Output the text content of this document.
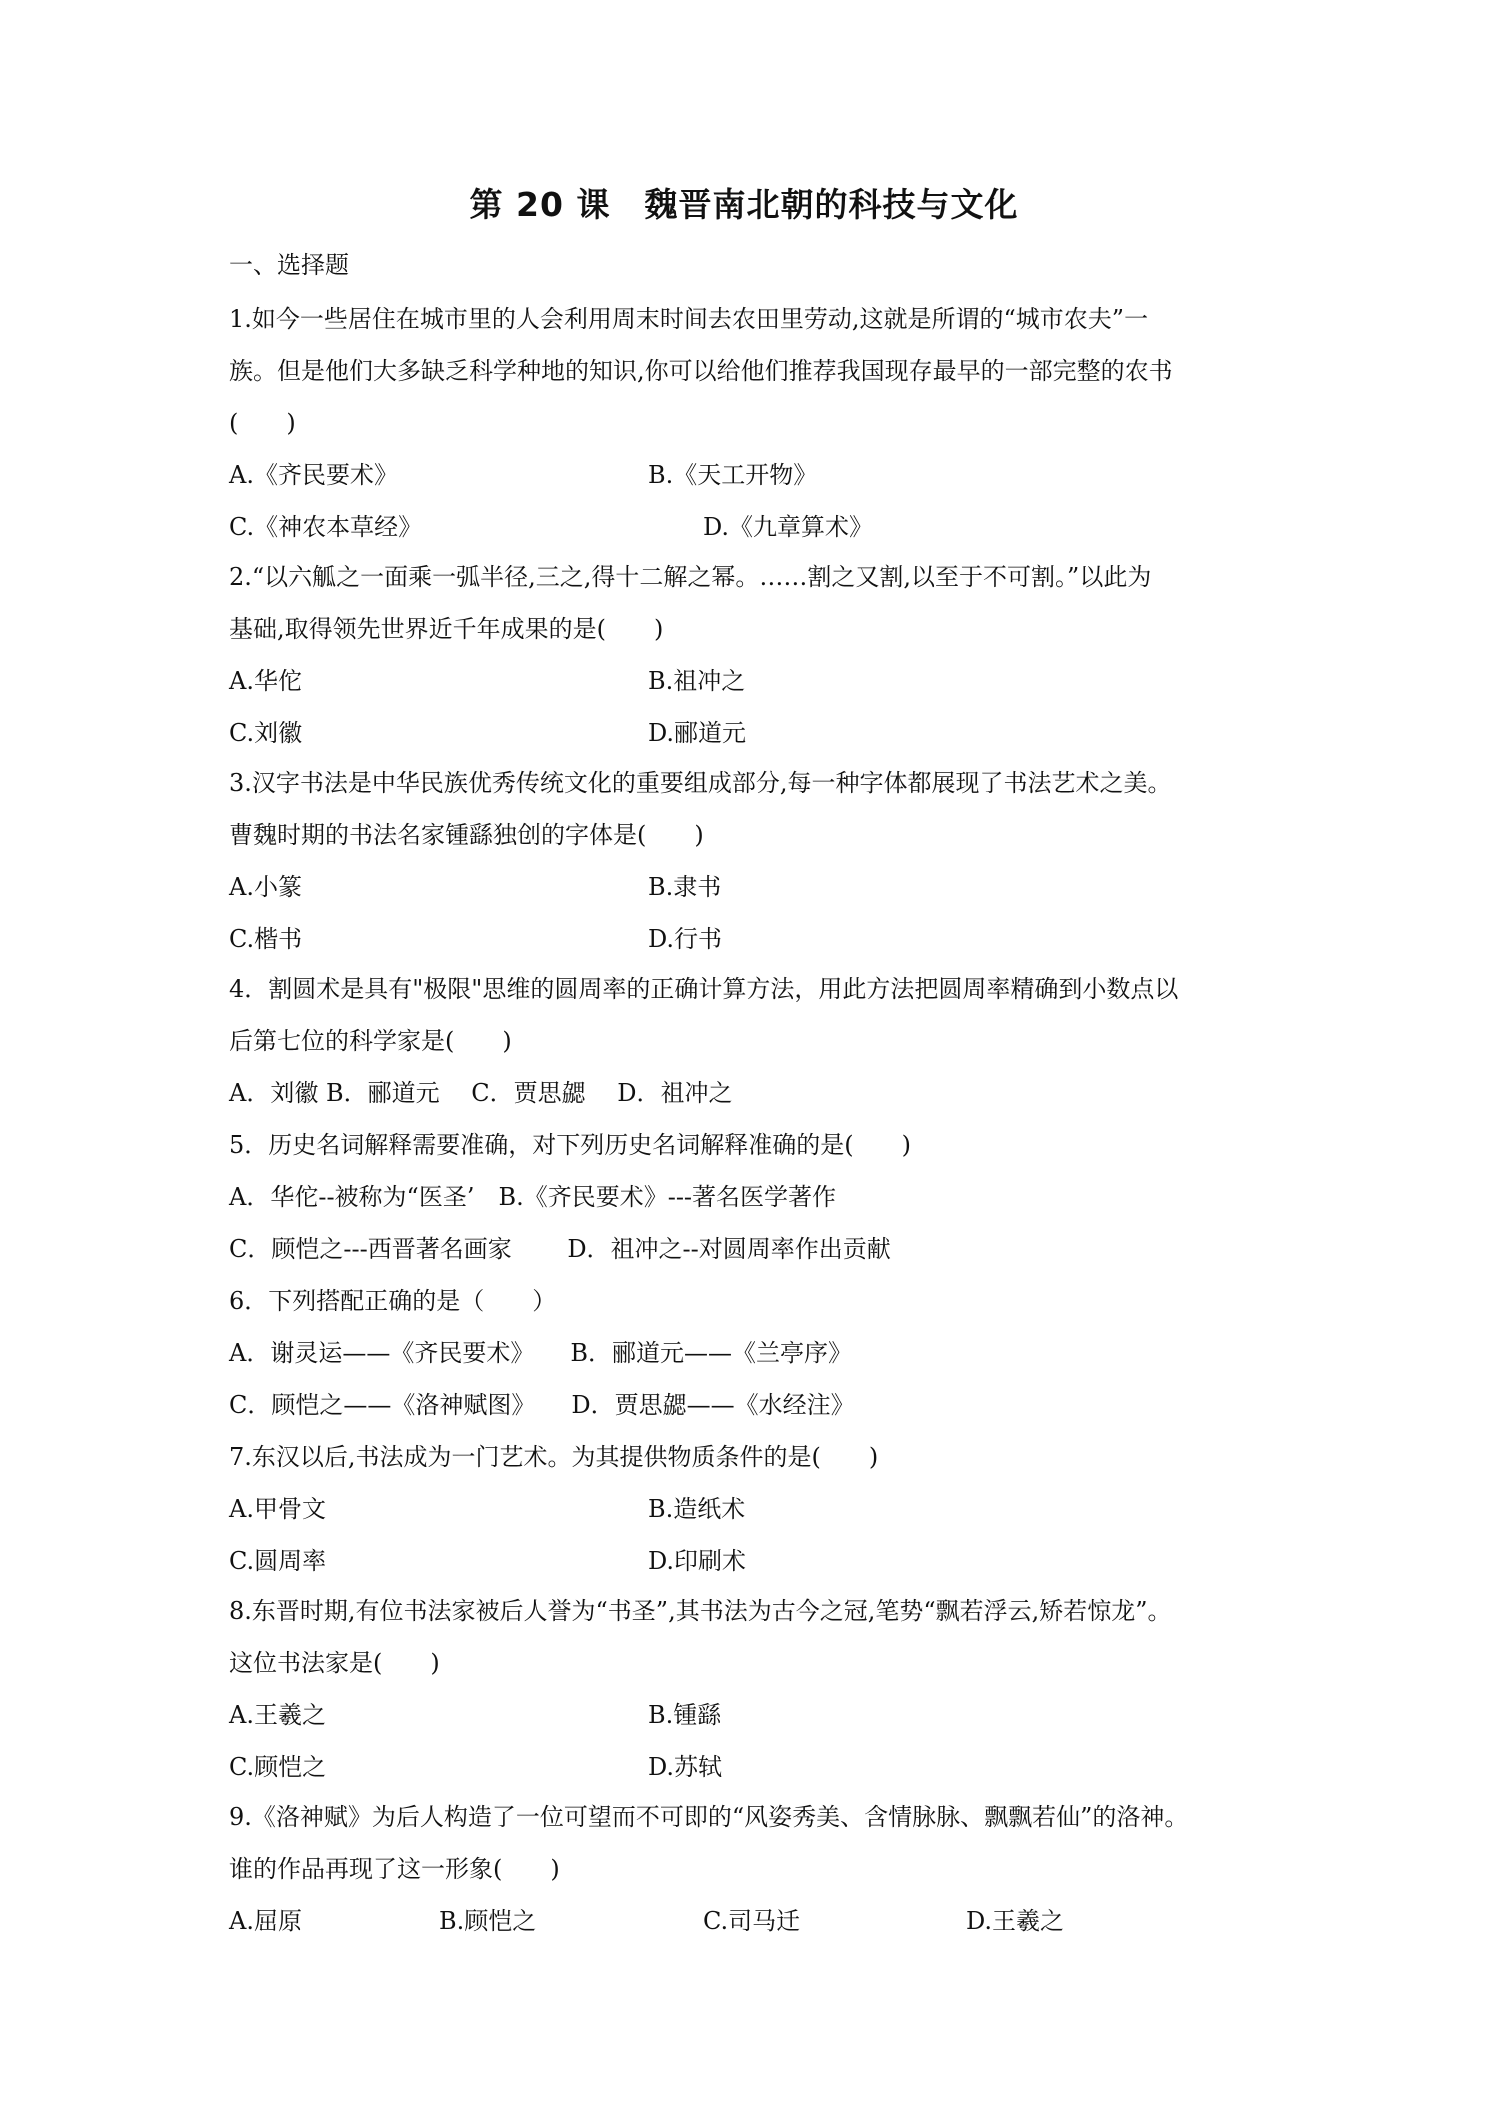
第 20 课　魏晋南北朝的科技与文化
一、选择题
1.如今一些居住在城市里的人会利用周末时间去农田里劳动,这就是所谓的“城市农夫”一
族。但是他们大多缺乏科学种地的知识,你可以给他们推荐我国现存最早的一部完整的农书
(　　)
A.《齐民要术》	B.《天工开物》
C.《神农本草经》	D.《九章算术》
2.“以六觚之一面乘一弧半径,三之,得十二解之幂。……割之又割,以至于不可割。”以此为
基础,取得领先世界近千年成果的是(　　)
A.华佗	B.祖冲之
C.刘徽	D.郦道元
3.汉字书法是中华民族优秀传统文化的重要组成部分,每一种字体都展现了书法艺术之美。
曹魏时期的书法名家锺繇独创的字体是(　　)
A.小篆	B.隶书
C.楷书	D.行书
4．割圆术是具有"极限"思维的圆周率的正确计算方法，用此方法把圆周率精确到小数点以
后第七位的科学家是(　　)
A．刘徽 B．郦道元　 C．贾思勰　 D．祖冲之
5．历史名词解释需要准确，对下列历史名词解释准确的是(　　)
A．华佗--被称为“医圣’　B.《齐民要术》---著名医学著作
C．顾恺之---西晋著名画家　　 D．祖冲之--对圆周率作出贡献
6．下列搭配正确的是（　　）
A．谢灵运——《齐民要术》　　B．郦道元——《兰亭序》
C．顾恺之——《洛神赋图》　　D．贾思勰——《水经注》
7.东汉以后,书法成为一门艺术。为其提供物质条件的是(　　)
A.甲骨文	B.造纸术
C.圆周率	D.印刷术
8.东晋时期,有位书法家被后人誉为“书圣”,其书法为古今之冠,笔势“飘若浮云,矫若惊龙”。
这位书法家是(　　)
A.王羲之	B.锺繇
C.顾恺之	D.苏轼
9.《洛神赋》为后人构造了一位可望而不可即的“风姿秀美、含情脉脉、飘飘若仙”的洛神。
谁的作品再现了这一形象(　　)
A.屈原	B.顾恺之	C.司马迁	D.王羲之
